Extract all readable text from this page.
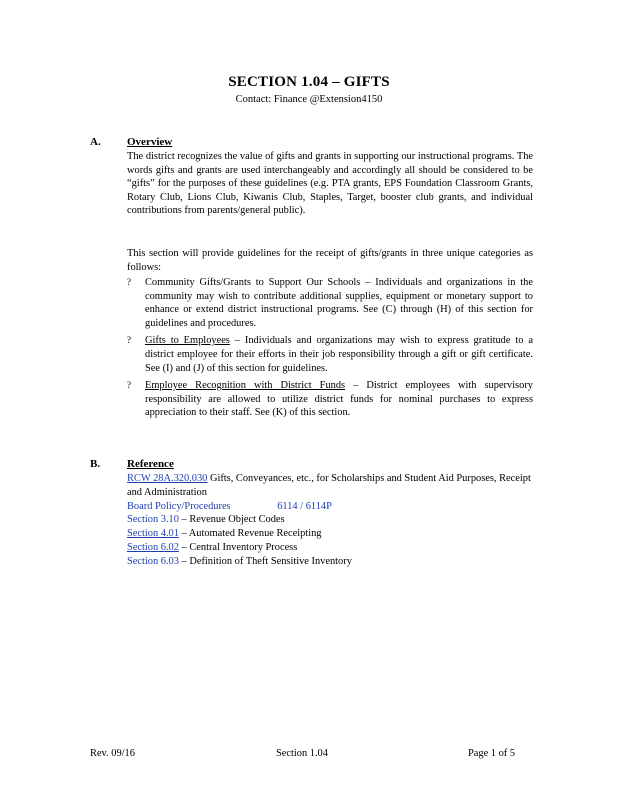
SECTION 1.04 – GIFTS
Contact: Finance @Extension4150
A. Overview
The district recognizes the value of gifts and grants in supporting our instructional programs. The words gifts and grants are used interchangeably and accordingly all should be considered to be “gifts” for the purposes of these guidelines (e.g. PTA grants, EPS Foundation Classroom Grants, Rotary Club, Lions Club, Kiwanis Club, Staples, Target, booster club grants, and individual contributions from parents/general public).
This section will provide guidelines for the receipt of gifts/grants in three unique categories as follows:

? Community Gifts/Grants to Support Our Schools – Individuals and organizations in the community may wish to contribute additional supplies, equipment or monetary support to enhance or extend district instructional programs. See (C) through (H) of this section for guidelines and procedures.

? Gifts to Employees – Individuals and organizations may wish to express gratitude to a district employee for their efforts in their job responsibility through a gift or gift certificate. See (I) and (J) of this section for guidelines.

? Employee Recognition with District Funds – District employees with supervisory responsibility are allowed to utilize district funds for nominal purchases to express appreciation to their staff. See (K) of this section.

B. Reference

RCW 28A.320.030 Gifts, Conveyances, etc., for Scholarships and Student Aid Purposes, Receipt and Administration

Board Policy/Procedures	6114 / 6114P

Section 3.10 – Revenue Object Codes

Section 4.01 – Automated Revenue Receipting

Section 6.02 – Central Inventory Process

Section 6.03 – Definition of Theft Sensitive Inventory

Rev. 09/16	Section 1.04	Page 1 of 5
